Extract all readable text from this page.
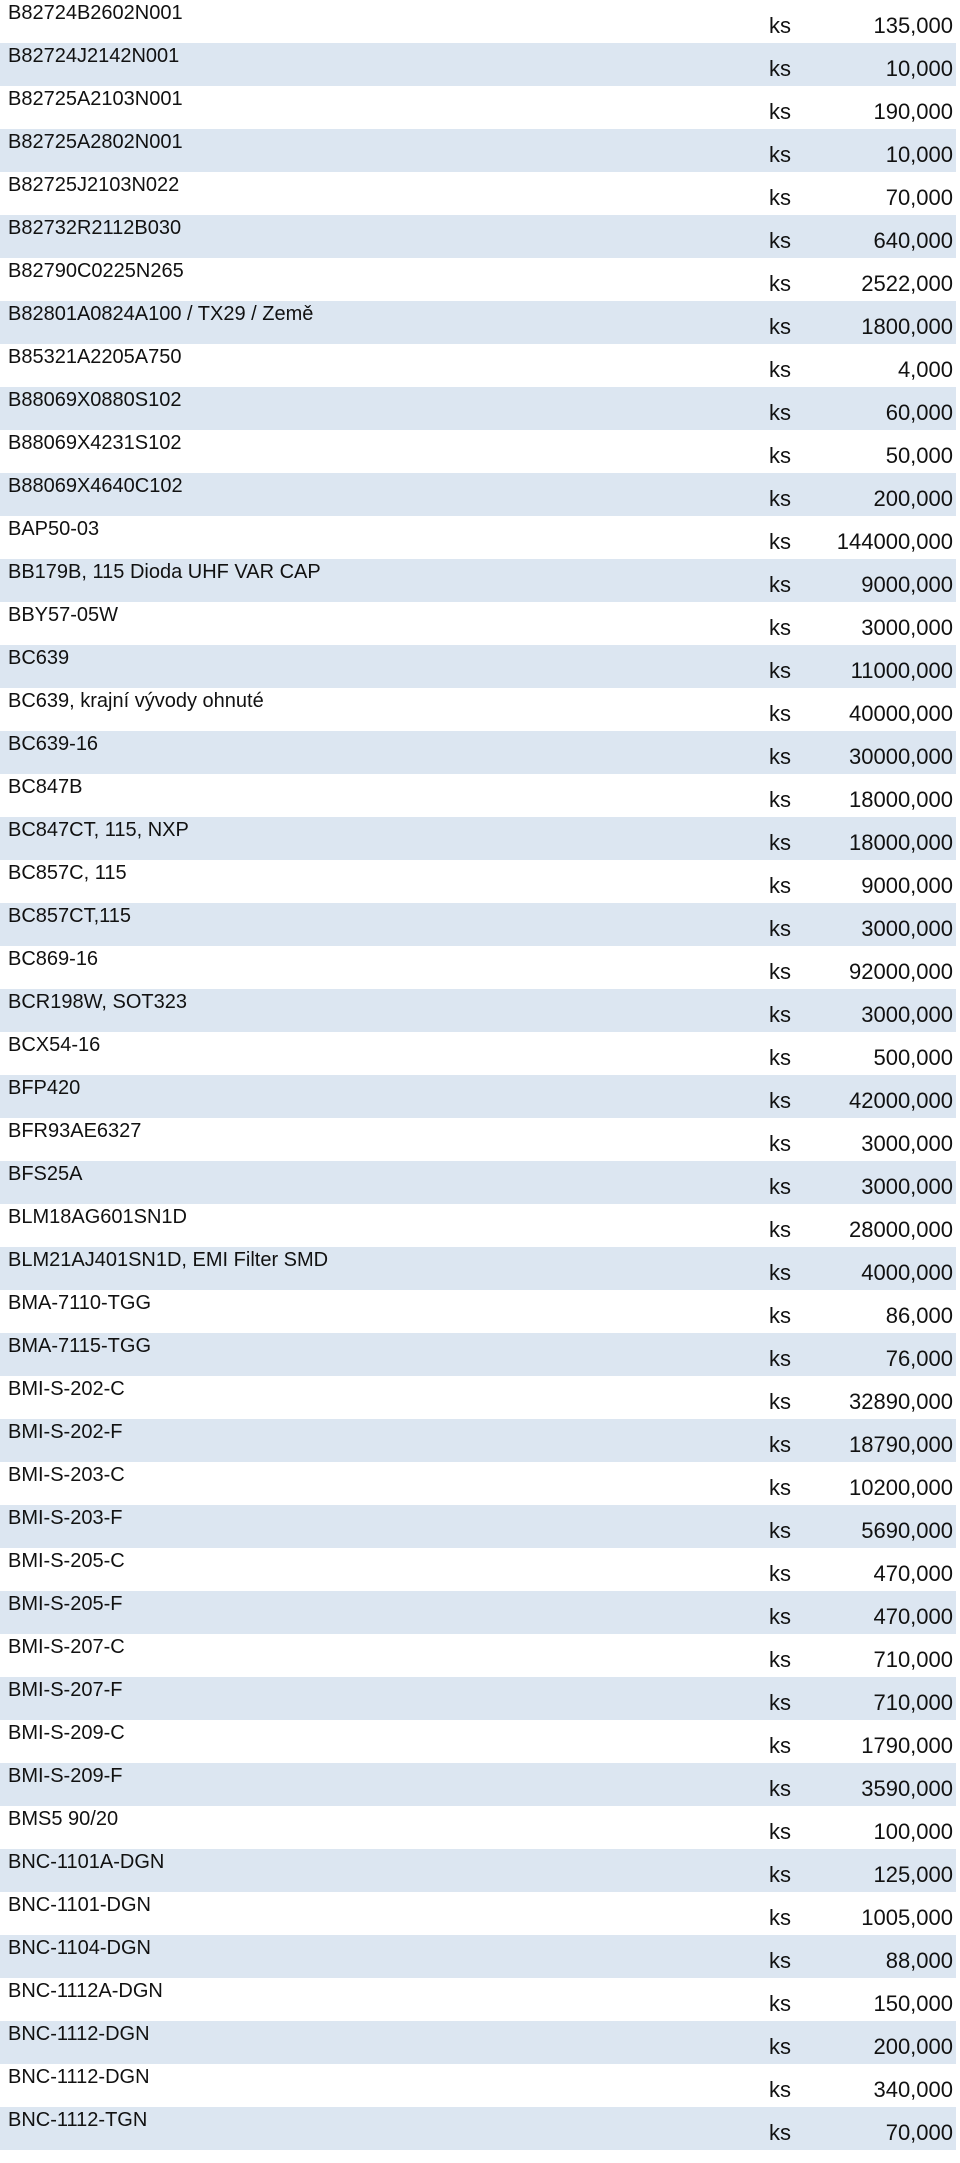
B82724B2602N001	ks	135,000
B82724J2142N001	ks	10,000
B82725A2103N001	ks	190,000
B82725A2802N001	ks	10,000
B82725J2103N022	ks	70,000
B82732R2112B030	ks	640,000
B82790C0225N265	ks	2522,000
B82801A0824A100 / TX29 / Země	ks	1800,000
B85321A2205A750	ks	4,000
B88069X0880S102	ks	60,000
B88069X4231S102	ks	50,000
B88069X4640C102	ks	200,000
BAP50-03	ks	144000,000
BB179B, 115 Dioda UHF VAR CAP	ks	9000,000
BBY57-05W	ks	3000,000
BC639	ks	11000,000
BC639, krajní vývody ohnuté	ks	40000,000
BC639-16	ks	30000,000
BC847B	ks	18000,000
BC847CT, 115, NXP	ks	18000,000
BC857C, 115	ks	9000,000
BC857CT,115	ks	3000,000
BC869-16	ks	92000,000
BCR198W, SOT323	ks	3000,000
BCX54-16	ks	500,000
BFP420	ks	42000,000
BFR93AE6327	ks	3000,000
BFS25A	ks	3000,000
BLM18AG601SN1D	ks	28000,000
BLM21AJ401SN1D, EMI Filter SMD	ks	4000,000
BMA-7110-TGG	ks	86,000
BMA-7115-TGG	ks	76,000
BMI-S-202-C	ks	32890,000
BMI-S-202-F	ks	18790,000
BMI-S-203-C	ks	10200,000
BMI-S-203-F	ks	5690,000
BMI-S-205-C	ks	470,000
BMI-S-205-F	ks	470,000
BMI-S-207-C	ks	710,000
BMI-S-207-F	ks	710,000
BMI-S-209-C	ks	1790,000
BMI-S-209-F	ks	3590,000
BMS5 90/20	ks	100,000
BNC-1101A-DGN	ks	125,000
BNC-1101-DGN	ks	1005,000
BNC-1104-DGN	ks	88,000
BNC-1112A-DGN	ks	150,000
BNC-1112-DGN	ks	200,000
BNC-1112-DGN	ks	340,000
BNC-1112-TGN	ks	70,000
